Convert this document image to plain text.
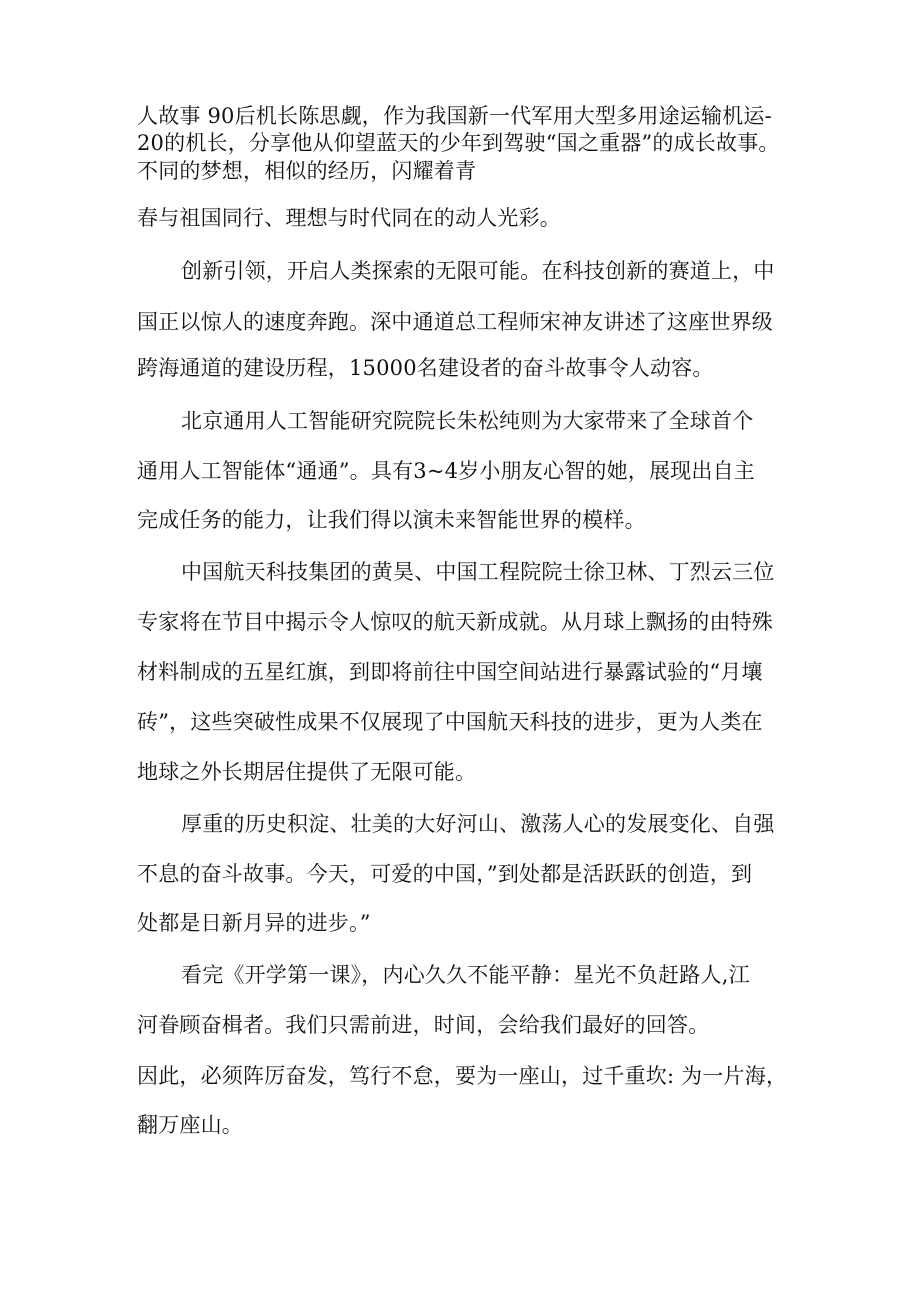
人故事 90后机长陈思觑，作为我国新一代军用大型多用途运输机运-

20的机长，分享他从仰望蓝天的少年到驾驶“国之重器”的成长故事。

不同的梦想，相似的经历，闪耀着青

春与祖国同行、理想与时代同在的动人光彩。

创新引领，开启人类探索的无限可能。在科技创新的赛道上，中

国正以惊人的速度奔跑。深中通道总工程师宋神友讲述了这座世界级

跨海通道的建设历程，15000名建设者的奋斗故事令人动容。

北京通用人工智能研究院院长朱松纯则为大家带来了全球首个

通用人工智能体“通通”。具有3~4岁小朋友心智的她，展现出自主

完成任务的能力，让我们得以演未来智能世界的模样。

中国航天科技集团的黄昊、中国工程院院士徐卫林、丁烈云三位

专家将在节目中揭示令人惊叹的航天新成就。从月球上飘扬的由特殊

材料制成的五星红旗，到即将前往中国空间站进行暴露试验的“月壤

砖”，这些突破性成果不仅展现了中国航天科技的进步，更为人类在

地球之外长期居住提供了无限可能。

厚重的历史积淀、壮美的大好河山、激荡人心的发展变化、自强

不息的奋斗故事。今天，可爱的中国，”到处都是活跃跃的创造，到

处都是日新月异的进步。”

看完《开学第一课》，内心久久不能平静：星光不负赶路人,江

河眷顾奋楫者。我们只需前进，时间，会给我们最好的回答。

因此，必须阵厉奋发，笃行不怠，要为一座山，过千重坎: 为一片海，

翻万座山。
